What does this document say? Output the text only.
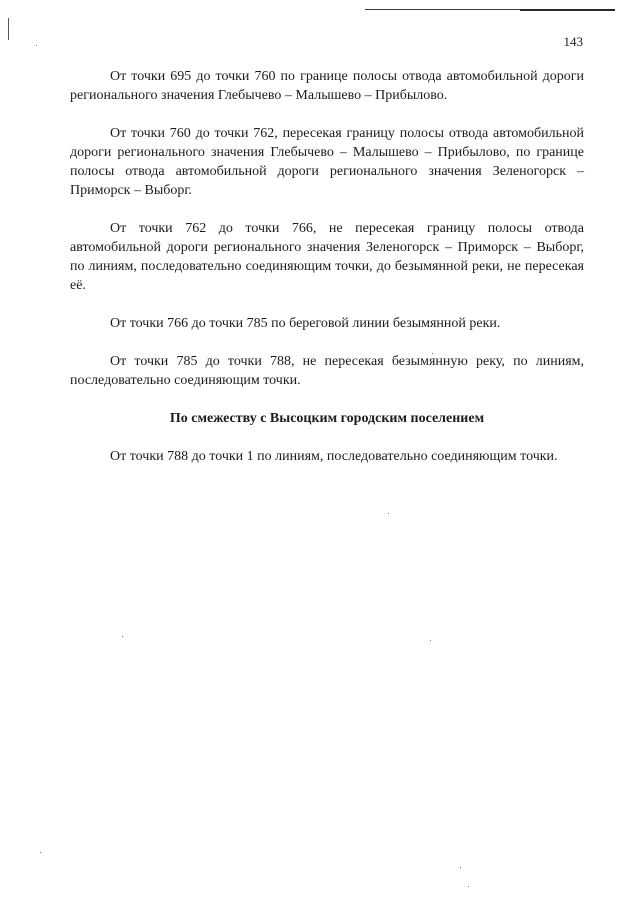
143

От точки 695 до точки 760 по границе полосы отвода автомобильной дороги регионального значения Глебычево – Малышево – Прибылово.

От точки 760 до точки 762, пересекая границу полосы отвода автомобильной дороги регионального значения Глебычево – Малышево – Прибылово, по границе полосы отвода автомобильной дороги регионального значения Зеленогорск – Приморск – Выборг.

От точки 762 до точки 766, не пересекая границу полосы отвода автомобильной дороги регионального значения Зеленогорск – Приморск – Выборг, по линиям, последовательно соединяющим точки, до безымянной реки, не пересекая её.

От точки 766 до точки 785 по береговой линии безымянной реки.

От точки 785 до точки 788, не пересекая безымянную реку, по линиям, последовательно соединяющим точки.

По смежеству с Высоцким городским поселением

От точки 788 до точки 1 по линиям, последовательно соединяющим точки.
